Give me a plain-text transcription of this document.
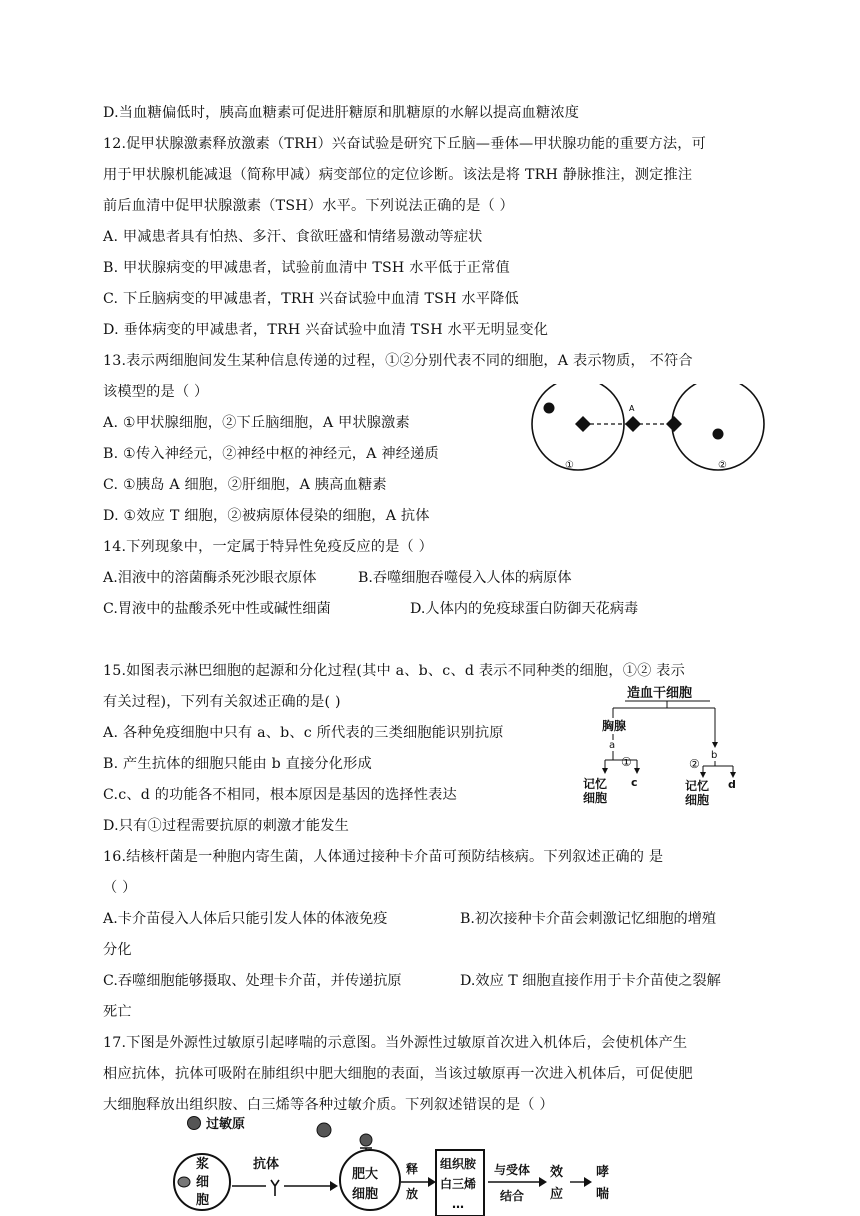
D.当血糖偏低时，胰高血糖素可促进肝糖原和肌糖原的水解以提高血糖浓度
12.促甲状腺激素释放激素（TRH）兴奋试验是研究下丘脑—垂体—甲状腺功能的重要方法，可
用于甲状腺机能减退（简称甲减）病变部位的定位诊断。该法是将 TRH 静脉推注，测定推注
前后血清中促甲状腺激素（TSH）水平。下列说法正确的是（ ）
A. 甲减患者具有怕热、多汗、食欲旺盛和情绪易激动等症状
B. 甲状腺病变的甲减患者，试验前血清中 TSH 水平低于正常值
C. 下丘脑病变的甲减患者，TRH 兴奋试验中血清 TSH 水平降低
D. 垂体病变的甲减患者，TRH 兴奋试验中血清 TSH 水平无明显变化
13.表示两细胞间发生某种信息传递的过程，①②分别代表不同的细胞，A 表示物质， 不符合
该模型的是（ ）
A. ①甲状腺细胞，②下丘脑细胞，A 甲状腺激素
B. ①传入神经元，②神经中枢的神经元，A 神经递质
C. ①胰岛 A 细胞，②肝细胞，A 胰高血糖素
D. ①效应 T 细胞，②被病原体侵染的细胞，A 抗体
A
①	②
14.下列现象中，一定属于特异性免疫反应的是（ ）
A.泪液中的溶菌酶杀死沙眼衣原体	B.吞噬细胞吞噬侵入人体的病原体
C.胃液中的盐酸杀死中性或碱性细菌	D.人体内的免疫球蛋白防御天花病毒
15.如图表示淋巴细胞的起源和分化过程(其中 a、b、c、d 表示不同种类的细胞，①② 表示
有关过程)，下列有关叙述正确的是( )
A. 各种免疫细胞中只有 a、b、c 所代表的三类细胞能识别抗原
B. 产生抗体的细胞只能由 b 直接分化形成
C.c、d 的功能各不相同，根本原因是基因的选择性表达
D.只有①过程需要抗原的刺激才能发生
造血干细胞
胸腺
a
b
①	②
记忆
细胞
c	记忆
细胞
d
16.结核杆菌是一种胞内寄生菌，人体通过接种卡介苗可预防结核病。下列叙述正确的 是
（ ）
A.卡介苗侵入人体后只能引发人体的体液免疫	B.初次接种卡介苗会刺激记忆细胞的增殖
分化
C.吞噬细胞能够摄取、处理卡介苗，并传递抗原	D.效应 T 细胞直接作用于卡介苗使之裂解
死亡
17.下图是外源性过敏原引起哮喘的示意图。当外源性过敏原首次进入机体后，会使机体产生
相应抗体，抗体可吸附在肺组织中肥大细胞的表面，当该过敏原再一次进入机体后，可促使肥
大细胞释放出组织胺、白三烯等各种过敏介质。下列叙述错误的是（ ）
过敏原
浆
细
胞
抗体
肥大
细胞
释
放
组织胺
白三烯
…
与受体
结合
效
应
哮
喘
